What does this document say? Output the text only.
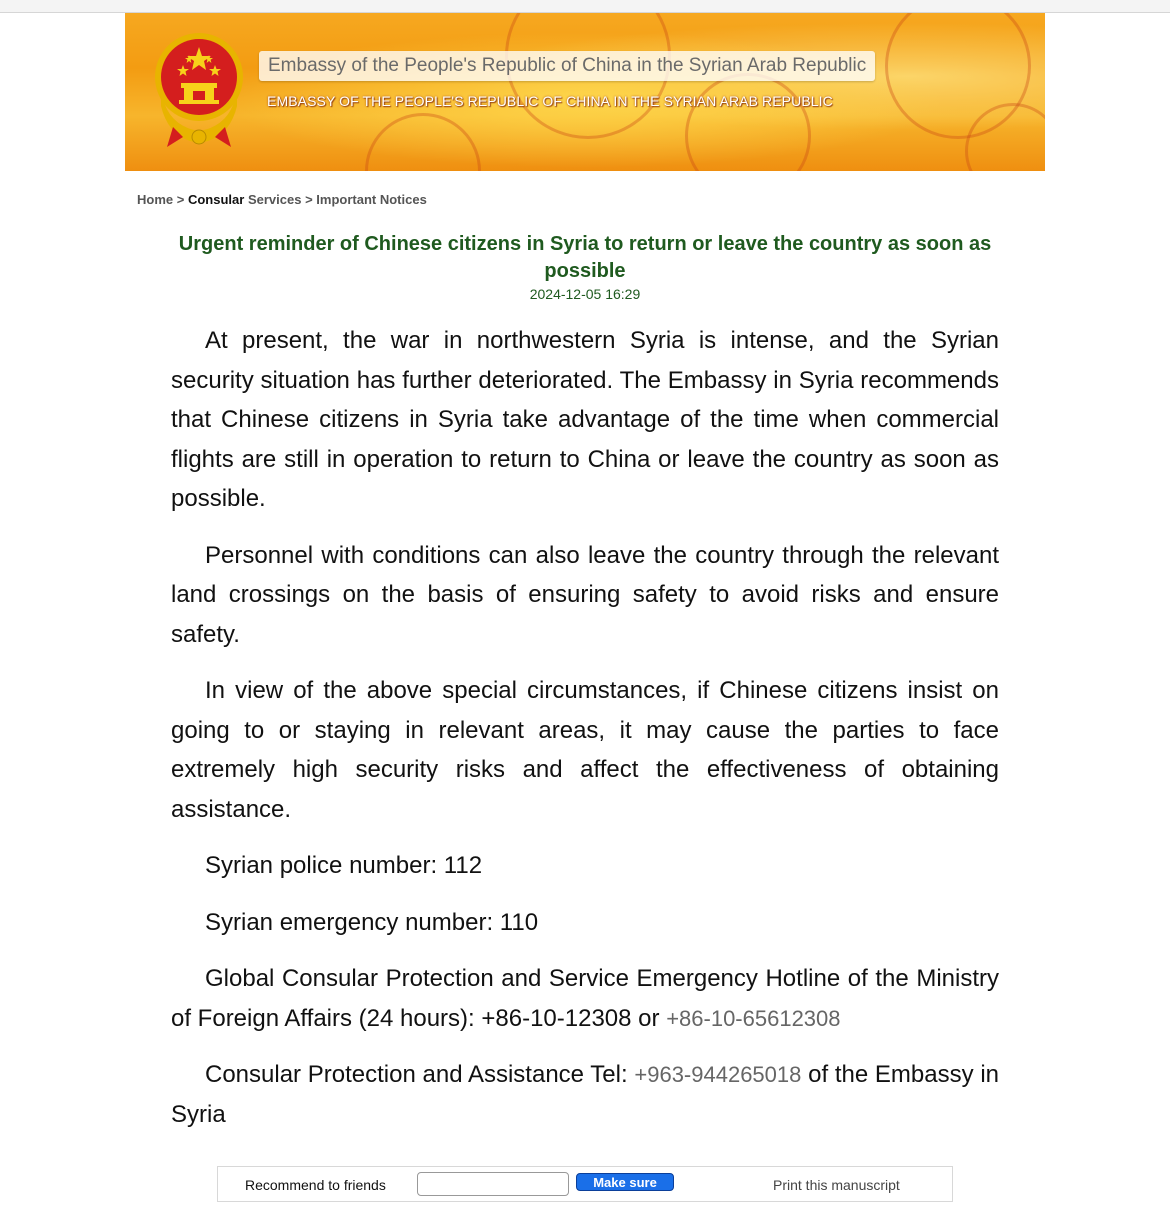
Embassy of the People's Republic of China in the Syrian Arab Republic
EMBASSY OF THE PEOPLE'S REPUBLIC OF CHINA IN THE SYRIAN ARAB REPUBLIC
Home > Consular Services > Important Notices
Urgent reminder of Chinese citizens in Syria to return or leave the country as soon as possible
2024-12-05 16:29

At present, the war in northwestern Syria is intense, and the Syrian security situation has further deteriorated. The Embassy in Syria recommends that Chinese citizens in Syria take advantage of the time when commercial flights are still in operation to return to China or leave the country as soon as possible.

Personnel with conditions can also leave the country through the relevant land crossings on the basis of ensuring safety to avoid risks and ensure safety.

In view of the above special circumstances, if Chinese citizens insist on going to or staying in relevant areas, it may cause the parties to face extremely high security risks and affect the effectiveness of obtaining assistance.

Syrian police number: 112

Syrian emergency number: 110

Global Consular Protection and Service Emergency Hotline of the Ministry of Foreign Affairs (24 hours): +86-10-12308 or +86-10-65612308

Consular Protection and Assistance Tel: +963-944265018 of the Embassy in Syria

Recommend to friends	Make sure	Print this manuscript
